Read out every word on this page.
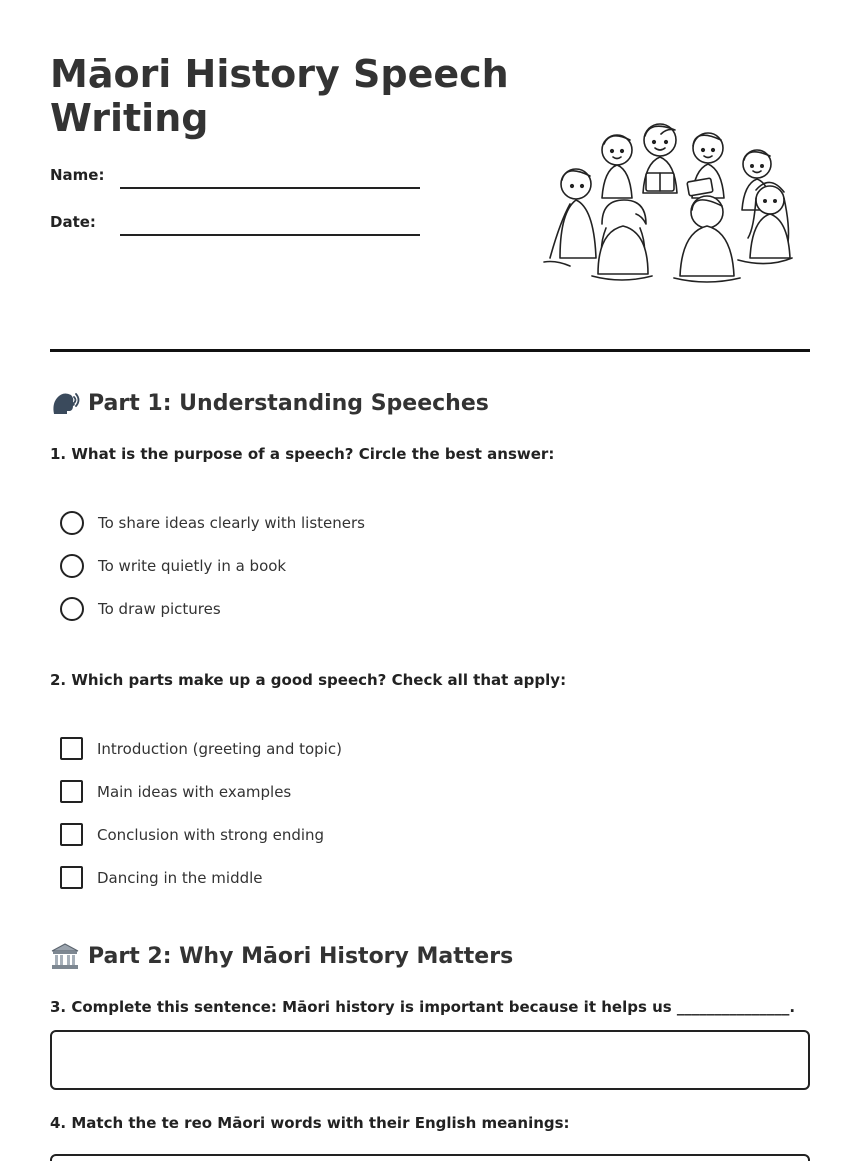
Māori History Speech Writing
Name:
Date:
Part 1: Understanding Speeches
1. What is the purpose of a speech? Circle the best answer:
To share ideas clearly with listeners
To write quietly in a book
To draw pictures
2. Which parts make up a good speech? Check all that apply:
Introduction (greeting and topic)
Main ideas with examples
Conclusion with strong ending
Dancing in the middle
Part 2: Why Māori History Matters
3. Complete this sentence: Māori history is important because it helps us _______________.
4. Match the te reo Māori words with their English meanings:
